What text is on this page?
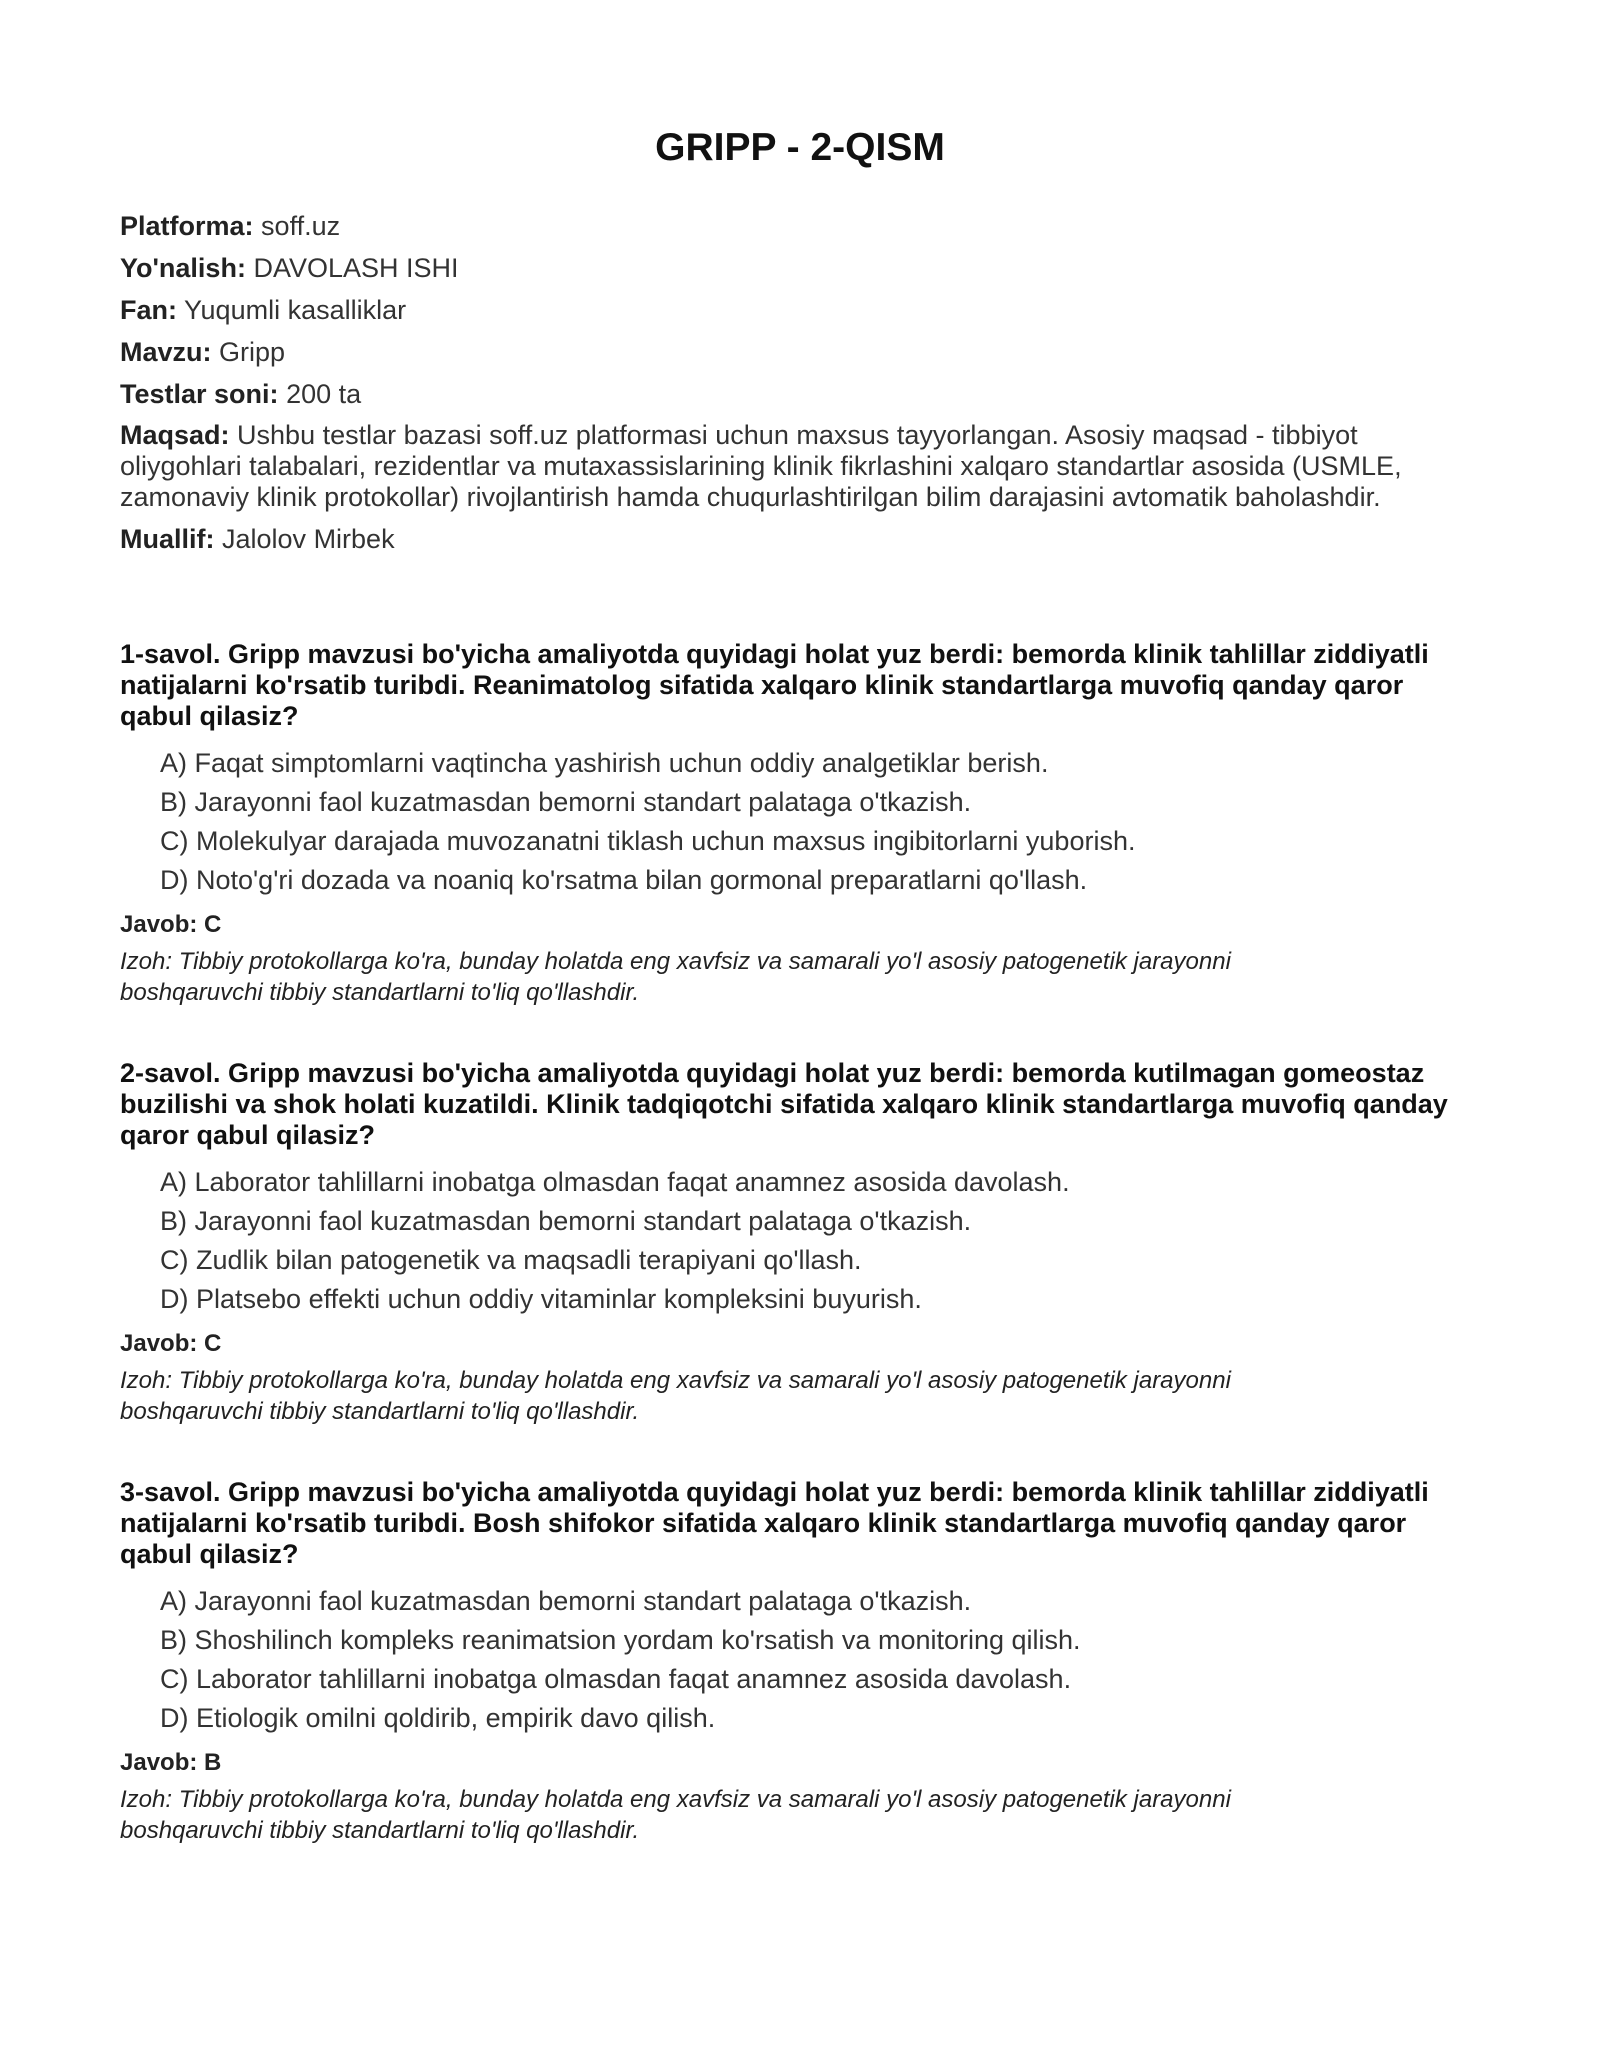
GRIPP - 2-QISM
Platforma: soff.uz
Yo'nalish: DAVOLASH ISHI
Fan: Yuqumli kasalliklar
Mavzu: Gripp
Testlar soni: 200 ta
Maqsad: Ushbu testlar bazasi soff.uz platformasi uchun maxsus tayyorlangan. Asosiy maqsad - tibbiyot oliygohlari talabalari, rezidentlar va mutaxassislarining klinik fikrlashini xalqaro standartlar asosida (USMLE, zamonaviy klinik protokollar) rivojlantirish hamda chuqurlashtirilgan bilim darajasini avtomatik baholashdir.
Muallif: Jalolov Mirbek
1-savol. Gripp mavzusi bo'yicha amaliyotda quyidagi holat yuz berdi: bemorda klinik tahlillar ziddiyatli natijalarni ko'rsatib turibdi. Reanimatolog sifatida xalqaro klinik standartlarga muvofiq qanday qaror qabul qilasiz?
A) Faqat simptomlarni vaqtincha yashirish uchun oddiy analgetiklar berish.
B) Jarayonni faol kuzatmasdan bemorni standart palataga o'tkazish.
C) Molekulyar darajada muvozanatni tiklash uchun maxsus ingibitorlarni yuborish.
D) Noto'g'ri dozada va noaniq ko'rsatma bilan gormonal preparatlarni qo'llash.
Javob: C
Izoh: Tibbiy protokollarga ko'ra, bunday holatda eng xavfsiz va samarali yo'l asosiy patogenetik jarayonni boshqaruvchi tibbiy standartlarni to'liq qo'llashdir.
2-savol. Gripp mavzusi bo'yicha amaliyotda quyidagi holat yuz berdi: bemorda kutilmagan gomeostaz buzilishi va shok holati kuzatildi. Klinik tadqiqotchi sifatida xalqaro klinik standartlarga muvofiq qanday qaror qabul qilasiz?
A) Laborator tahlillarni inobatga olmasdan faqat anamnez asosida davolash.
B) Jarayonni faol kuzatmasdan bemorni standart palataga o'tkazish.
C) Zudlik bilan patogenetik va maqsadli terapiyani qo'llash.
D) Platsebo effekti uchun oddiy vitaminlar kompleksini buyurish.
Javob: C
Izoh: Tibbiy protokollarga ko'ra, bunday holatda eng xavfsiz va samarali yo'l asosiy patogenetik jarayonni boshqaruvchi tibbiy standartlarni to'liq qo'llashdir.
3-savol. Gripp mavzusi bo'yicha amaliyotda quyidagi holat yuz berdi: bemorda klinik tahlillar ziddiyatli natijalarni ko'rsatib turibdi. Bosh shifokor sifatida xalqaro klinik standartlarga muvofiq qanday qaror qabul qilasiz?
A) Jarayonni faol kuzatmasdan bemorni standart palataga o'tkazish.
B) Shoshilinch kompleks reanimatsion yordam ko'rsatish va monitoring qilish.
C) Laborator tahlillarni inobatga olmasdan faqat anamnez asosida davolash.
D) Etiologik omilni qoldirib, empirik davo qilish.
Javob: B
Izoh: Tibbiy protokollarga ko'ra, bunday holatda eng xavfsiz va samarali yo'l asosiy patogenetik jarayonni boshqaruvchi tibbiy standartlarni to'liq qo'llashdir.
